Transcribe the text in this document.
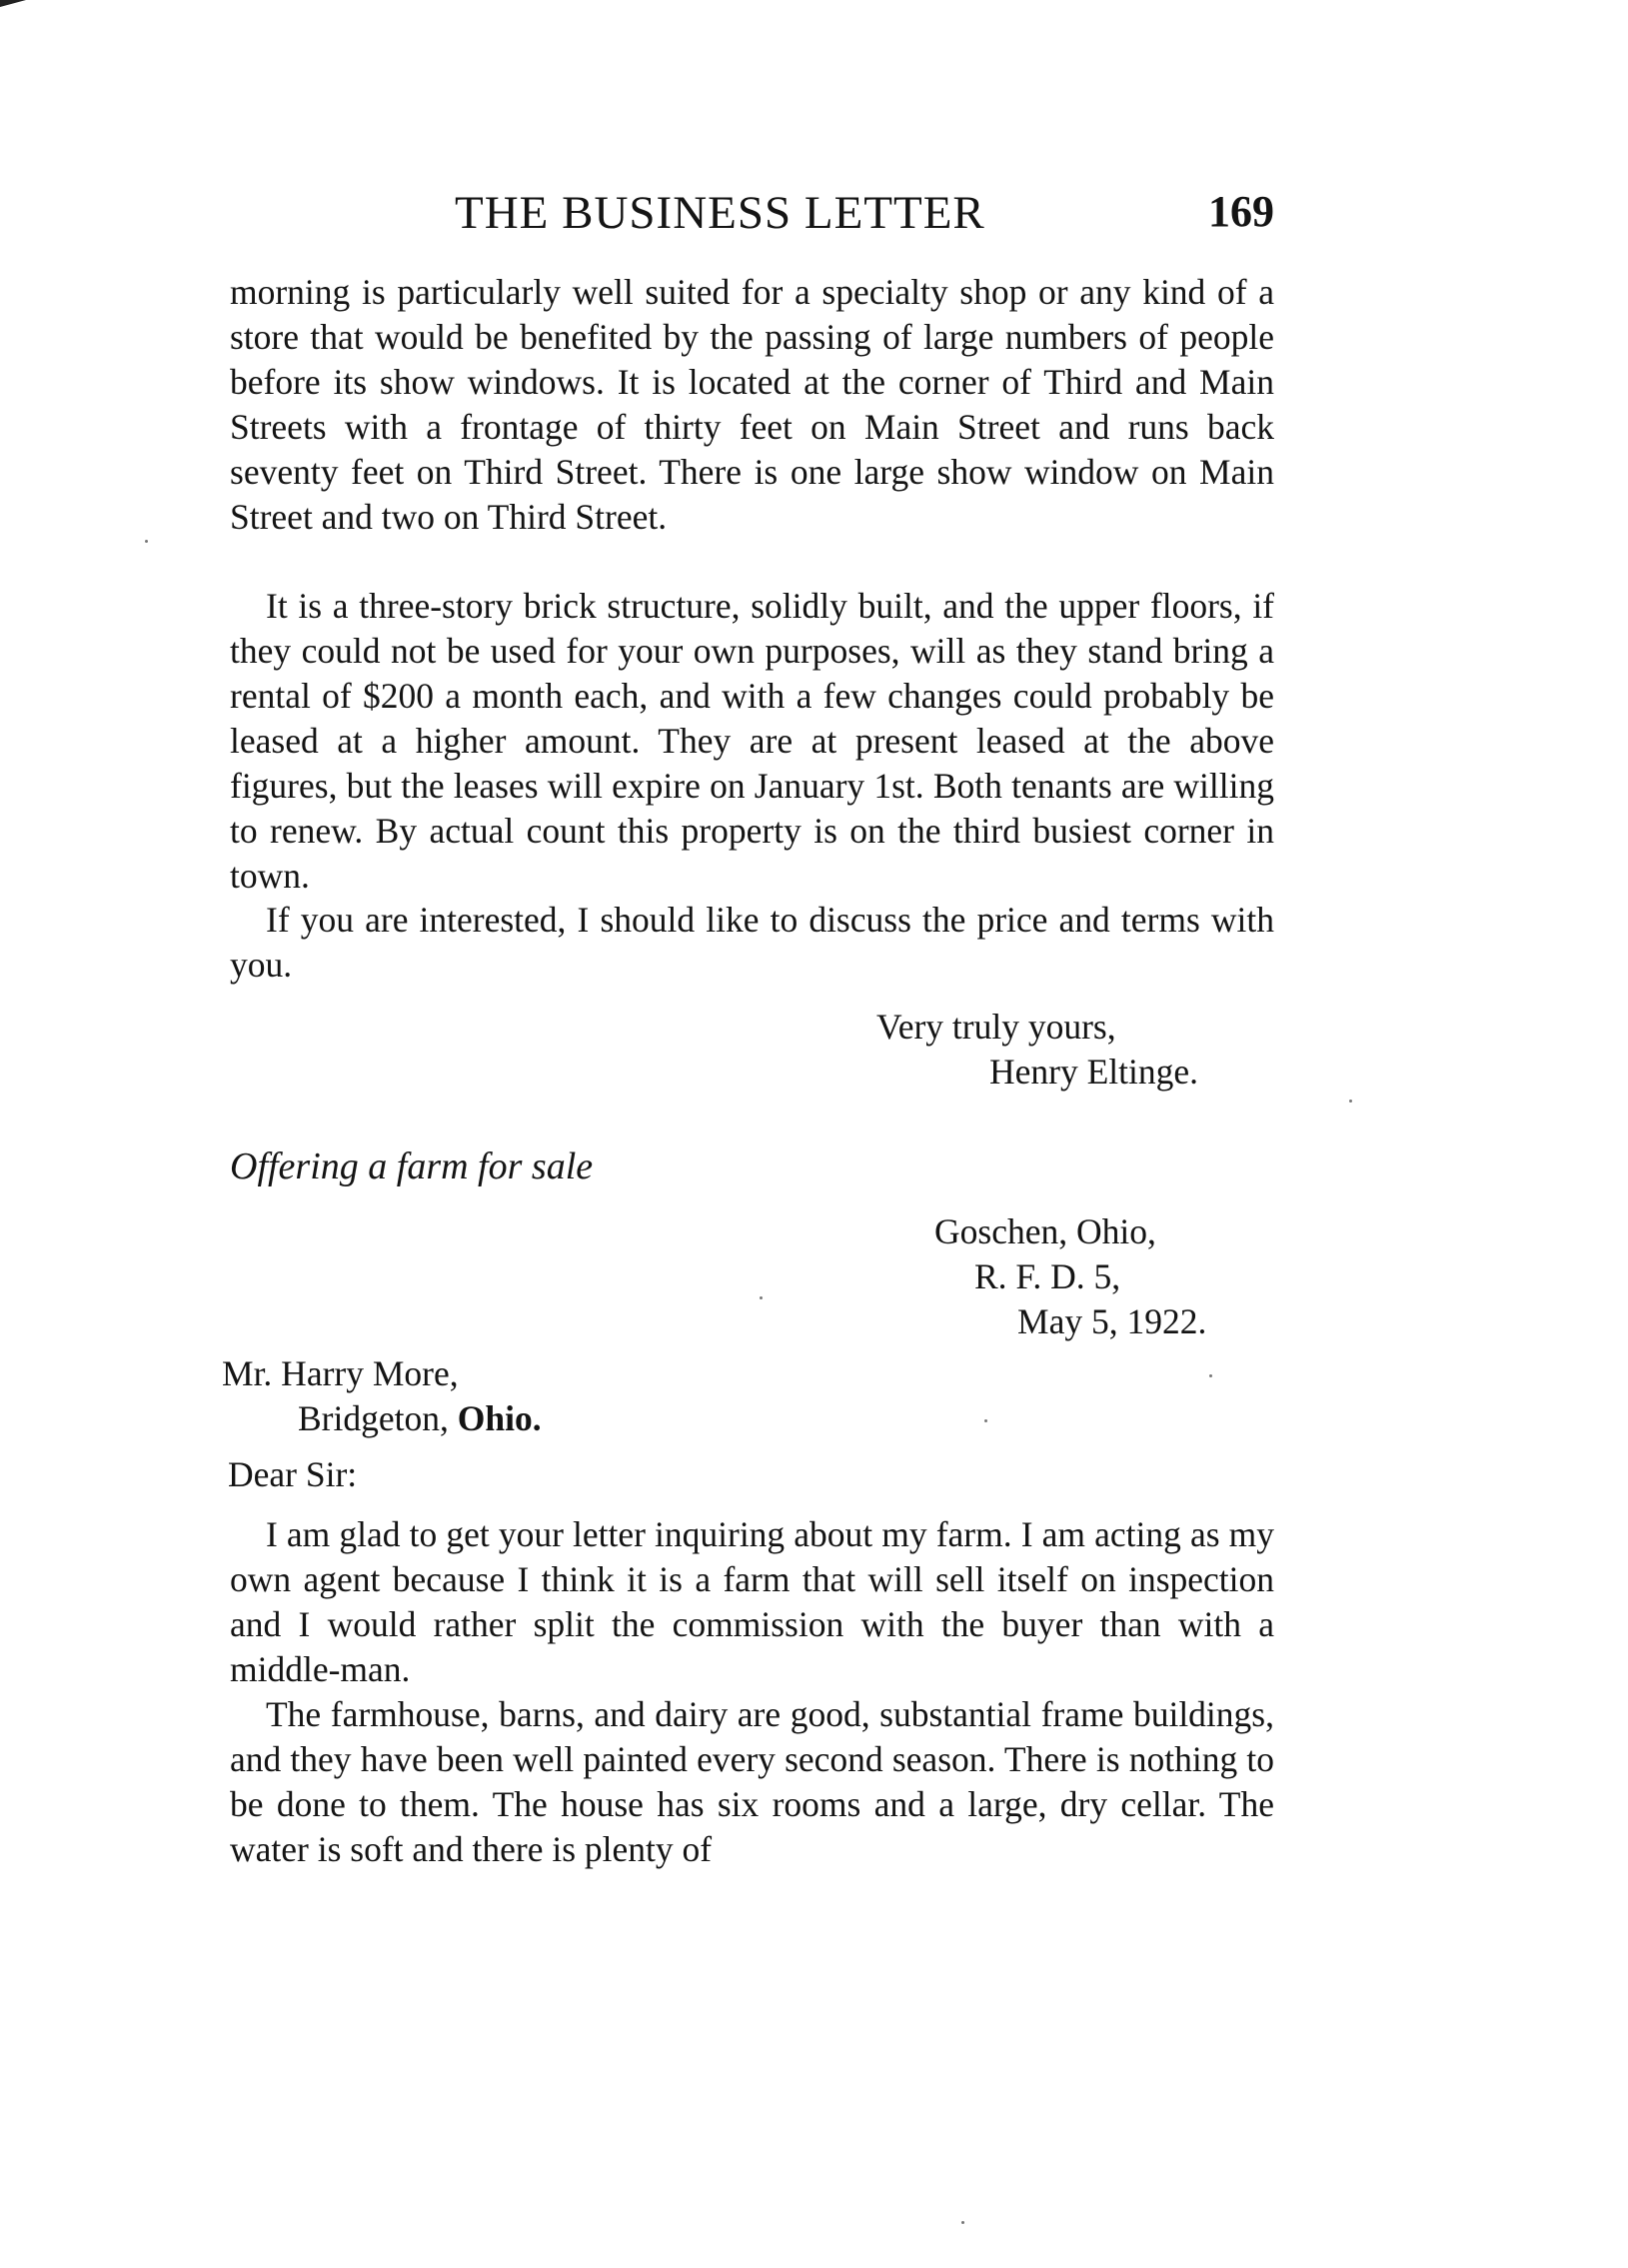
THE BUSINESS LETTER	169

morning is particularly well suited for a specialty shop or any kind of a store that would be benefited by the passing of large numbers of people before its show windows. It is located at the corner of Third and Main Streets with a frontage of thirty feet on Main Street and runs back seventy feet on Third Street. There is one large show window on Main Street and two on Third Street.

It is a three-story brick structure, solidly built, and the upper floors, if they could not be used for your own purposes, will as they stand bring a rental of $200 a month each, and with a few changes could probably be leased at a higher amount. They are at present leased at the above figures, but the leases will expire on January 1st. Both tenants are willing to renew. By actual count this property is on the third busiest corner in town.

If you are interested, I should like to discuss the price and terms with you.

Very truly yours,
Henry Eltinge.
Offering a farm for sale
Goschen, Ohio,
R. F. D. 5,
May 5, 1922.
Mr. Harry More,
Bridgeton, Ohio.
Dear Sir:

I am glad to get your letter inquiring about my farm. I am acting as my own agent because I think it is a farm that will sell itself on inspection and I would rather split the commission with the buyer than with a middle-man.

The farmhouse, barns, and dairy are good, substantial frame buildings, and they have been well painted every second season. There is nothing to be done to them. The house has six rooms and a large, dry cellar. The water is soft and there is plenty of
